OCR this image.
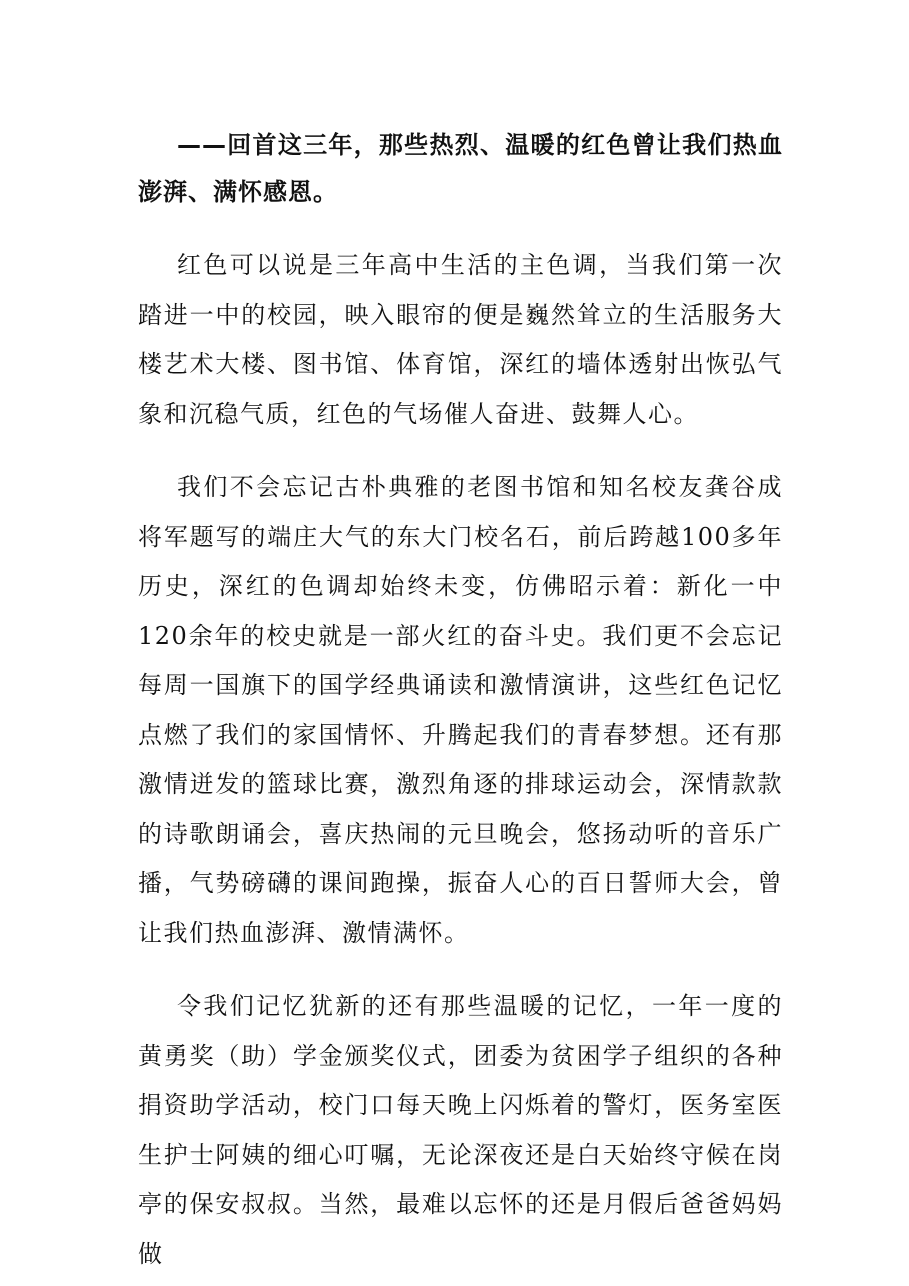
——回首这三年，那些热烈、温暖的红色曾让我们热血澎湃、满怀感恩。

红色可以说是三年高中生活的主色调，当我们第一次踏进一中的校园，映入眼帘的便是巍然耸立的生活服务大楼艺术大楼、图书馆、体育馆，深红的墙体透射出恢弘气象和沉稳气质，红色的气场催人奋进、鼓舞人心。

我们不会忘记古朴典雅的老图书馆和知名校友龚谷成将军题写的端庄大气的东大门校名石，前后跨越100多年历史，深红的色调却始终未变，仿佛昭示着：新化一中120余年的校史就是一部火红的奋斗史。我们更不会忘记每周一国旗下的国学经典诵读和激情演讲，这些红色记忆点燃了我们的家国情怀、升腾起我们的青春梦想。还有那激情迸发的篮球比赛，激烈角逐的排球运动会，深情款款的诗歌朗诵会，喜庆热闹的元旦晚会，悠扬动听的音乐广播，气势磅礴的课间跑操，振奋人心的百日誓师大会，曾让我们热血澎湃、激情满怀。

令我们记忆犹新的还有那些温暖的记忆，一年一度的黄勇奖（助）学金颁奖仪式，团委为贫困学子组织的各种捐资助学活动，校门口每天晚上闪烁着的警灯，医务室医生护士阿姨的细心叮嘱，无论深夜还是白天始终守候在岗亭的保安叔叔。当然，最难以忘怀的还是月假后爸爸妈妈做
